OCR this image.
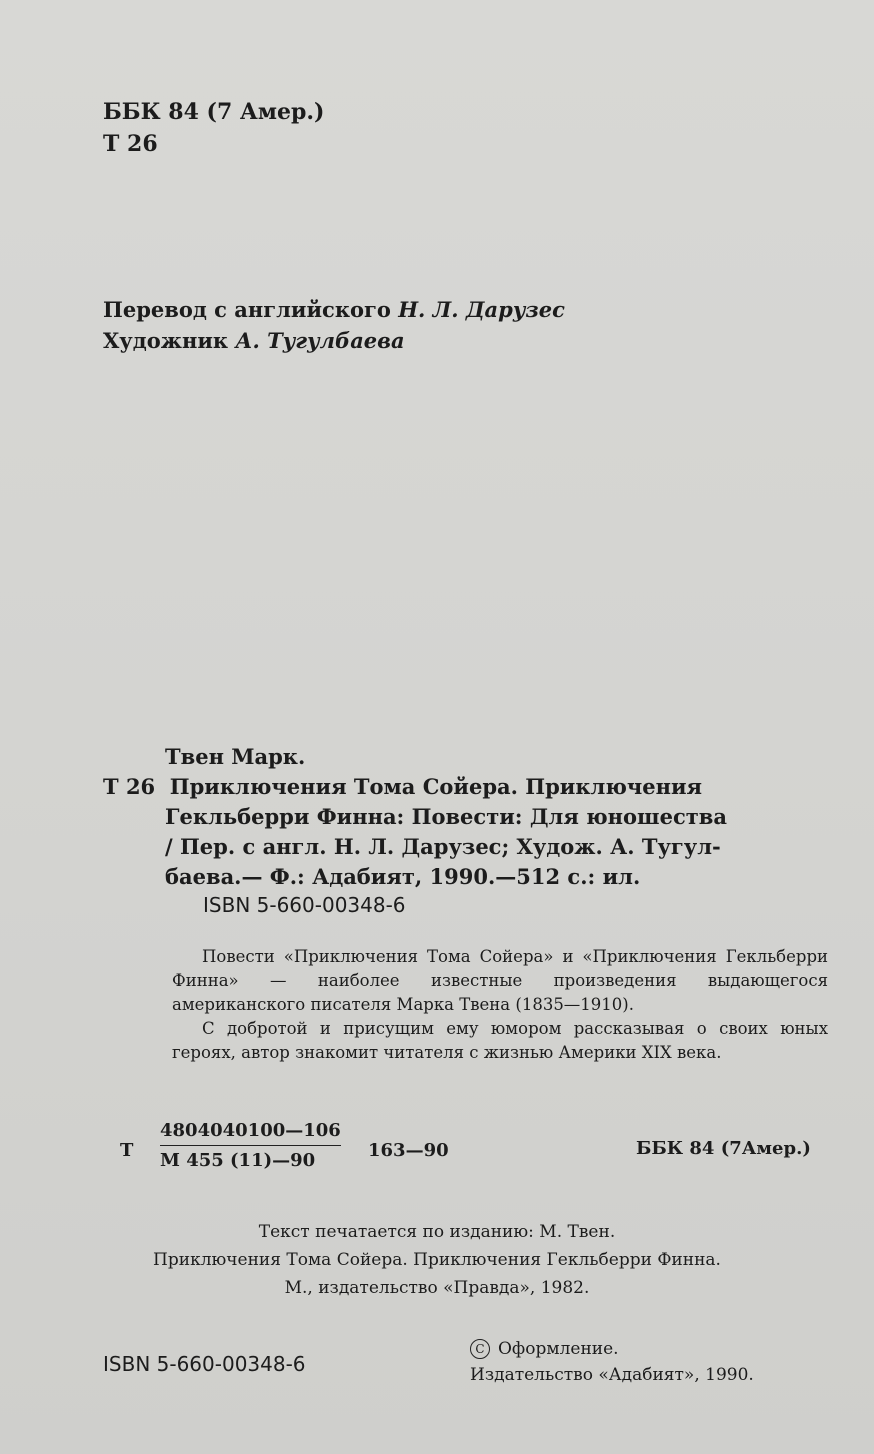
ББК 84 (7 Амер.)
Т 26
Перевод с английского Н. Л. Дарузес
Художник А. Тугулбаева
Твен Марк.
Т 26 Приключения Тома Сойера. Приключения
Гекльберри Финна: Повести: Для юношества
/ Пер. с англ. Н. Л. Дарузес; Худож. А. Тугул-
баева.— Ф.: Адабият, 1990.—512 с.: ил.
ISBN 5-660-00348-6

Повести «Приключения Тома Сойера» и «Приключения Гекльберри Финна» — наиболее известные произведения выдающегося американского писателя Марка Твена (1835—1910).

С добротой и присущим ему юмором рассказывая о своих юных героях, автор знакомит читателя с жизнью Америки XIX века.

Т
4804040100—106
М 455 (11)—90	163—90	ББК 84 (7Амер.)
Текст печатается по изданию: М. Твен.
Приключения Тома Сойера. Приключения Гекльберри Финна.
М., издательство «Правда», 1982.
ISBN 5-660-00348-6
C Оформление.
Издательство «Адабият», 1990.
